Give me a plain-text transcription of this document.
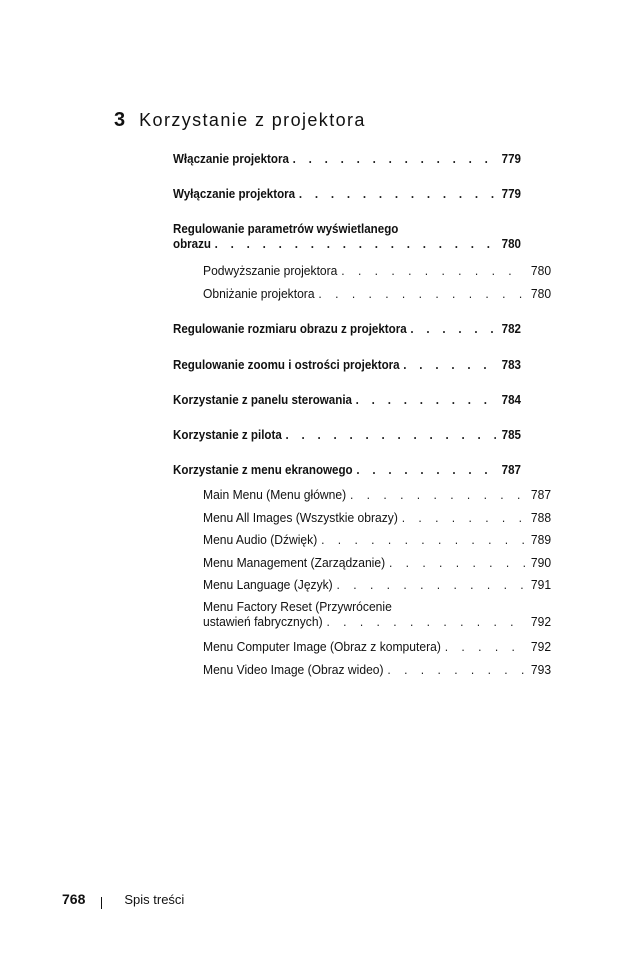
3 Korzystanie z projektora
Włączanie projektora . . .	779
Wyłączanie projektora . . .	779
Regulowanie parametrów wyświetlanego
obrazu . . .	780
Podwyższanie projektora . . .	780
Obniżanie projektora . . .	780
Regulowanie rozmiaru obrazu z projektora . . .	782
Regulowanie zoomu i ostrości projektora . . .	783
Korzystanie z panelu sterowania . . .	784
Korzystanie z pilota . . .	785
Korzystanie z menu ekranowego . . .	787
Main Menu (Menu główne) . . .	787
Menu All Images (Wszystkie obrazy) . . .	788
Menu Audio (Dźwięk) . . .	789
Menu Management (Zarządzanie) . . .	790
Menu Language (Język) . . .	791
Menu Factory Reset (Przywrócenie
ustawień fabrycznych) . . .	792
Menu Computer Image (Obraz z komputera) . . .	792
Menu Video Image (Obraz wideo) . . .	793
768	Spis treści
